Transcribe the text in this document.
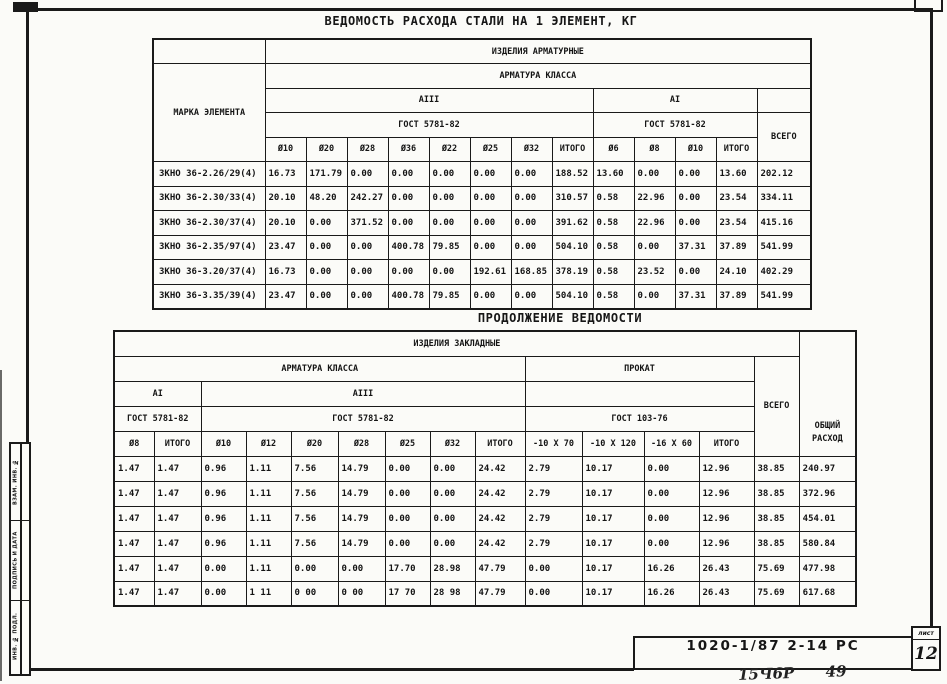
ВЕДОМОСТЬ РАСХОДА СТАЛИ НА 1 ЭЛЕМЕНТ, КГ
	ИЗДЕЛИЯ АРМАТУРНЫЕ												
МАРКА ЭЛЕМЕНТА	АРМАТУРА КЛАССА												
	АIII								АI				
	ГОСТ 5781-82								ГОСТ 5781-82				ВСЕГО
	Ø10	Ø20	Ø28	Ø36	Ø22	Ø25	Ø32	ИТОГО	Ø6	Ø8	Ø10	ИТОГО	
ЗКНО 36-2.26/29(4)	16.73	171.79	0.00	0.00	0.00	0.00	0.00	188.52	13.60	0.00	0.00	13.60	202.12
ЗКНО 36-2.30/33(4)	20.10	48.20	242.27	0.00	0.00	0.00	0.00	310.57	0.58	22.96	0.00	23.54	334.11
ЗКНО 36-2.30/37(4)	20.10	0.00	371.52	0.00	0.00	0.00	0.00	391.62	0.58	22.96	0.00	23.54	415.16
ЗКНО 36-2.35/97(4)	23.47	0.00	0.00	400.78	79.85	0.00	0.00	504.10	0.58	0.00	37.31	37.89	541.99
ЗКНО 36-3.20/37(4)	16.73	0.00	0.00	0.00	0.00	192.61	168.85	378.19	0.58	23.52	0.00	24.10	402.29
ЗКНО 36-3.35/39(4)	23.47	0.00	0.00	400.78	79.85	0.00	0.00	504.10	0.58	0.00	37.31	37.89	541.99
ПРОДОЛЖЕНИЕ ВЕДОМОСТИ
ИЗДЕЛИЯ ЗАКЛАДНЫЕ														ОБЩИЙ РАСХОД
АРМАТУРА КЛАССА									ПРОКАТ				ВСЕГО	
АI		АIII												
ГОСТ 5781-82		ГОСТ 5781-82							ГОСТ 103-76					
Ø8	ИТОГО	Ø10	Ø12	Ø20	Ø28	Ø25	Ø32	ИТОГО	-10 X 70	-10 X 120	-16 X 60	ИТОГО		
1.47	1.47	0.96	1.11	7.56	14.79	0.00	0.00	24.42	2.79	10.17	0.00	12.96	38.85	240.97
1.47	1.47	0.96	1.11	7.56	14.79	0.00	0.00	24.42	2.79	10.17	0.00	12.96	38.85	372.96
1.47	1.47	0.96	1.11	7.56	14.79	0.00	0.00	24.42	2.79	10.17	0.00	12.96	38.85	454.01
1.47	1.47	0.96	1.11	7.56	14.79	0.00	0.00	24.42	2.79	10.17	0.00	12.96	38.85	580.84
1.47	1.47	0.00	1.11	0.00	0.00	17.70	28.98	47.79	0.00	10.17	16.26	26.43	75.69	477.98
1.47	1.47	0.00	1 11	0 00	0 00	17 70	28 98	47.79	0.00	10.17	16.26	26.43	75.69	617.68
1020-1/87 2-14 РС
лист
12
15Ч6Р      49
ВЗАМ. ИНВ. №
ПОДПИСЬ И ДАТА
ИНВ. № ПОДЛ.
